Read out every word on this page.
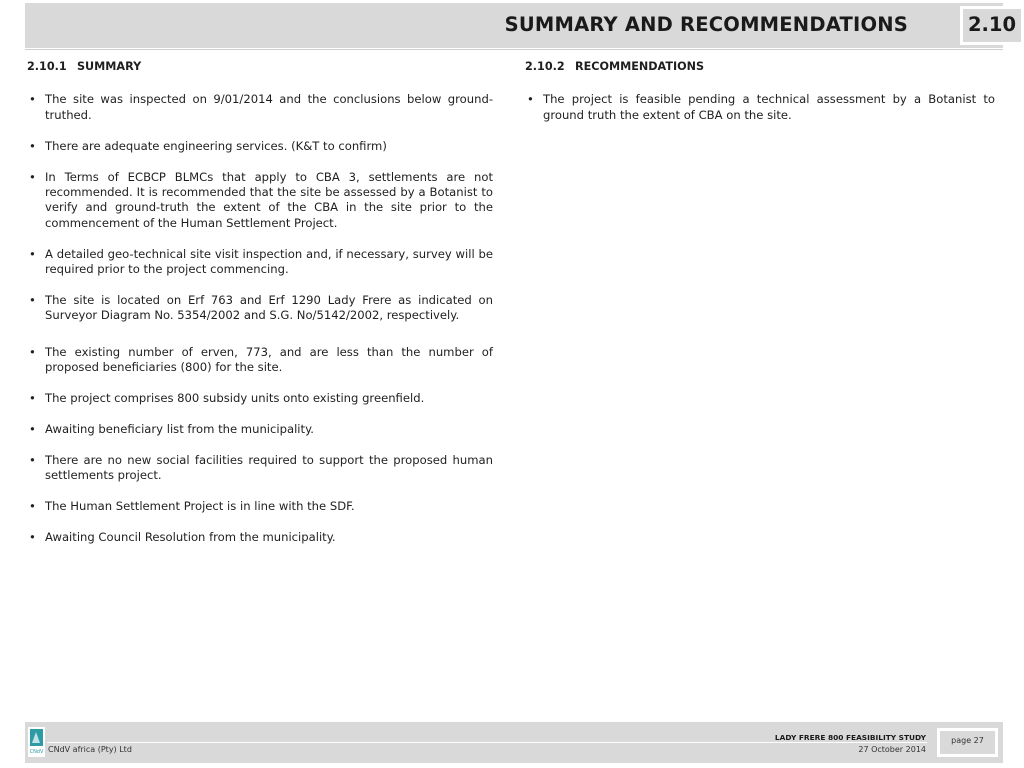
SUMMARY AND RECOMMENDATIONS	2.10
2.10.1 SUMMARY
• The site was inspected on 9/01/2014 and the conclusions below ground-truthed.
• There are adequate engineering services. (K&T to confirm)
• In Terms of ECBCP BLMCs that apply to CBA 3, settlements are not recommended. It is recommended that the site be assessed by a Botanist to verify and ground-truth the extent of the CBA in the site prior to the commencement of the Human Settlement Project.
• A detailed geo-technical site visit inspection and, if necessary, survey will be required prior to the project commencing.
• The site is located on Erf 763 and Erf 1290 Lady Frere as indicated on Surveyor Diagram No. 5354/2002 and S.G. No/5142/2002, respectively.
• The existing number of erven, 773, and are less than the number of proposed beneficiaries (800) for the site.
• The project comprises 800 subsidy units onto existing greenfield.
• Awaiting beneficiary list from the municipality.
• There are no new social facilities required to support the proposed human settlements project.
• The Human Settlement Project is in line with the SDF.
• Awaiting Council Resolution from the municipality.
2.10.2 RECOMMENDATIONS
• The project is feasible pending a technical assessment by a Botanist to ground truth the extent of CBA on the site.
CNdV CNdV africa (Pty) Ltd
LADY FRERE 800 FEASIBILITY STUDY
27 October 2014
page 27
